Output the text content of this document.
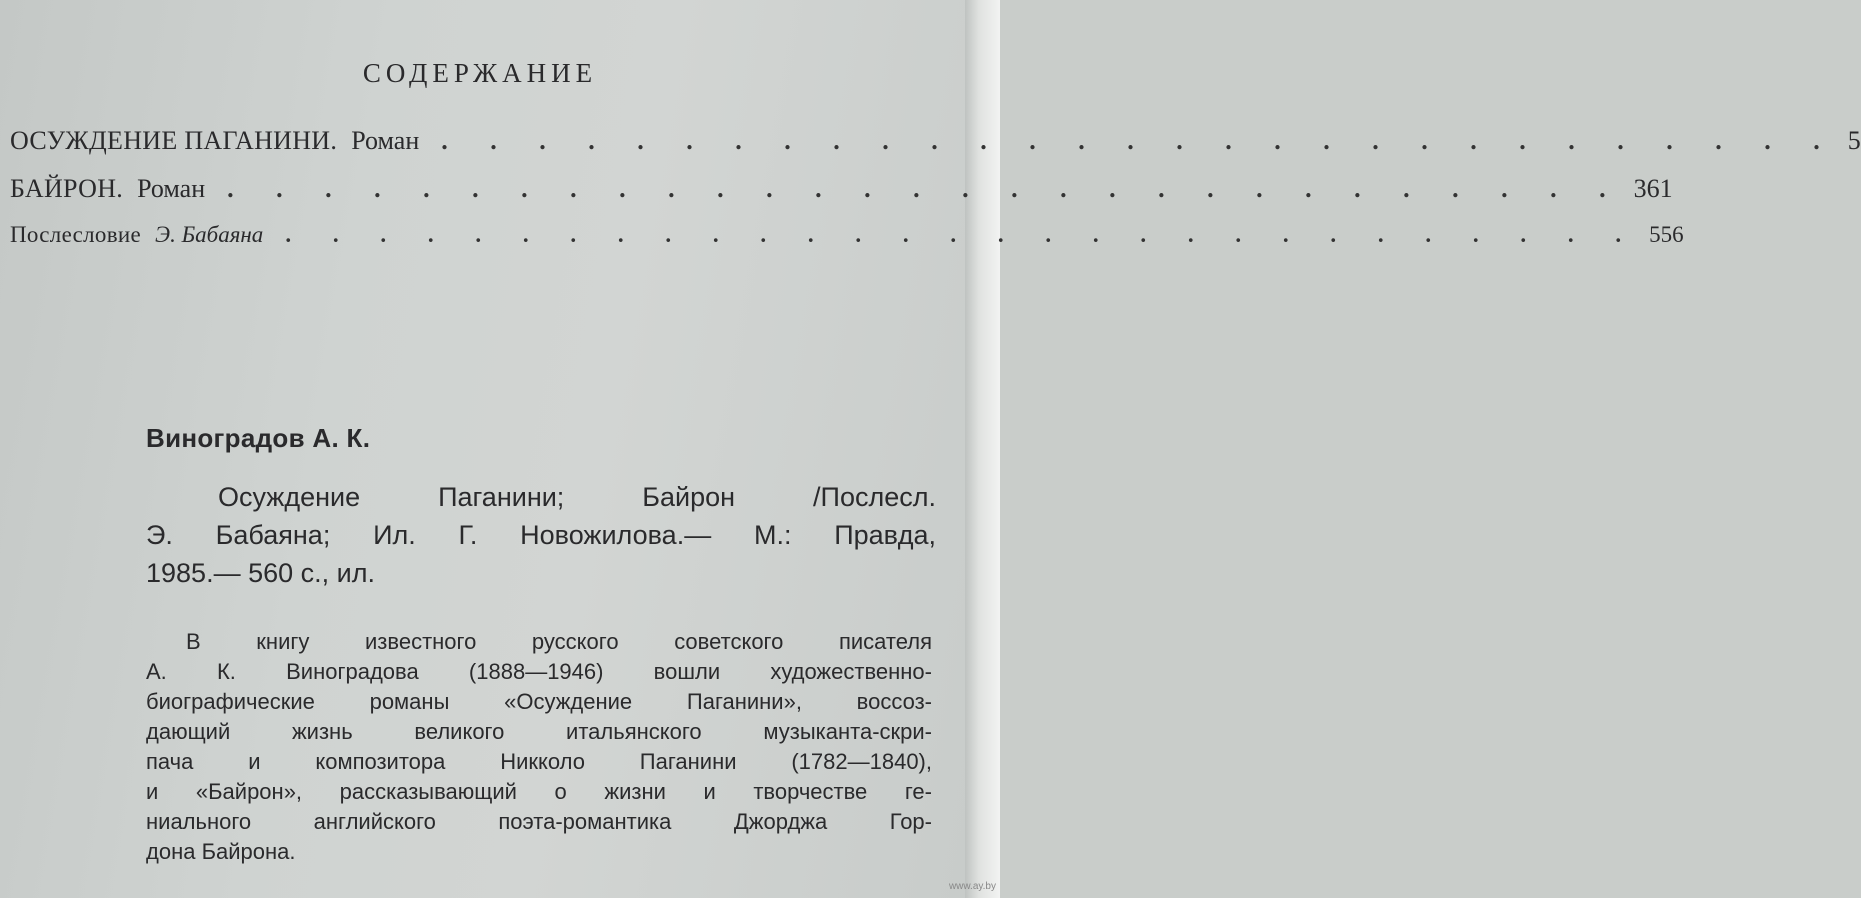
СОДЕРЖАНИЕ
ОСУЖДЕНИЕ ПАГАНИНИ. Роман . . . . . . . . . . . . . . . . . . . . . . . . . . . . . 5
БАЙРОН. Роман . . . . . . . . . . . . . . . . . . . . . . . . . . . . . 361
Послесловие Э. Бабаяна . . . . . . . . . . . . . . . . . . . . . . . . . . . . . 556
Виноградов А. К.
Осуждение Паганини; Байрон /Послесл.
Э. Бабаяна; Ил. Г. Новожилова.— М.: Правда,
1985.— 560 с., ил.
В книгу известного русского советского писателя
А. К. Виноградова (1888—1946) вошли художественно-
биографические романы «Осуждение Паганини», воссоз-
дающий жизнь великого итальянского музыканта-скри-
пача и композитора Никколо Паганини (1782—1840),
и «Байрон», рассказывающий о жизни и творчестве ге-
ниального английского поэта-романтика Джорджа Гор-
дона Байрона.
www.ay.by
